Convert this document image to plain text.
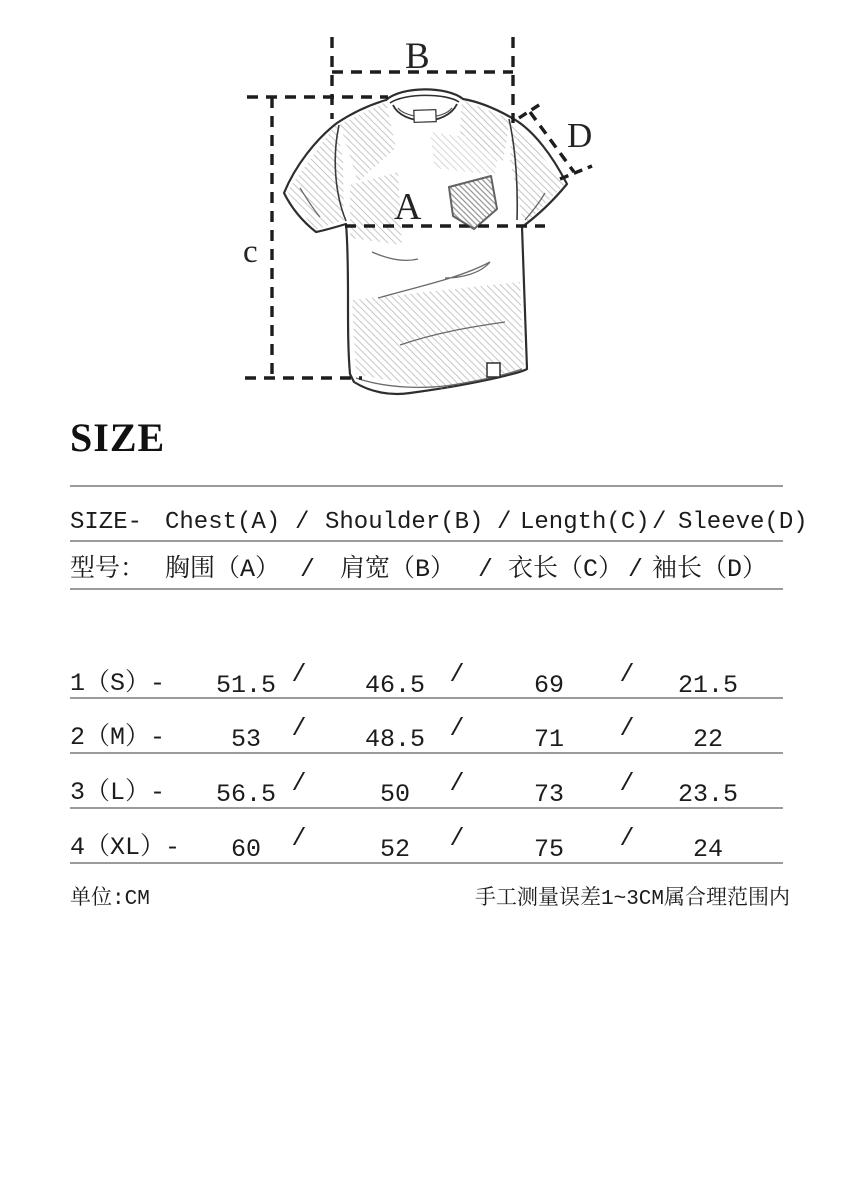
B
c
A
D
SIZE
SIZE- Chest(A) / Shoulder(B) / Length(C) / Sleeve(D)
型号： 胸围（A） / 肩宽（B） / 衣长（C） / 袖长（D）
1（S）- 51.5 / 46.5 /	69 / 21.5
2（M）-	53 / 48.5 /	71 / 22
3（L）- 56.5 /	50 /	73 / 23.5
4（XL）- 60 /	52 /	75 / 24
单位:CM	手工测量误差1~3CM属合理范围内
